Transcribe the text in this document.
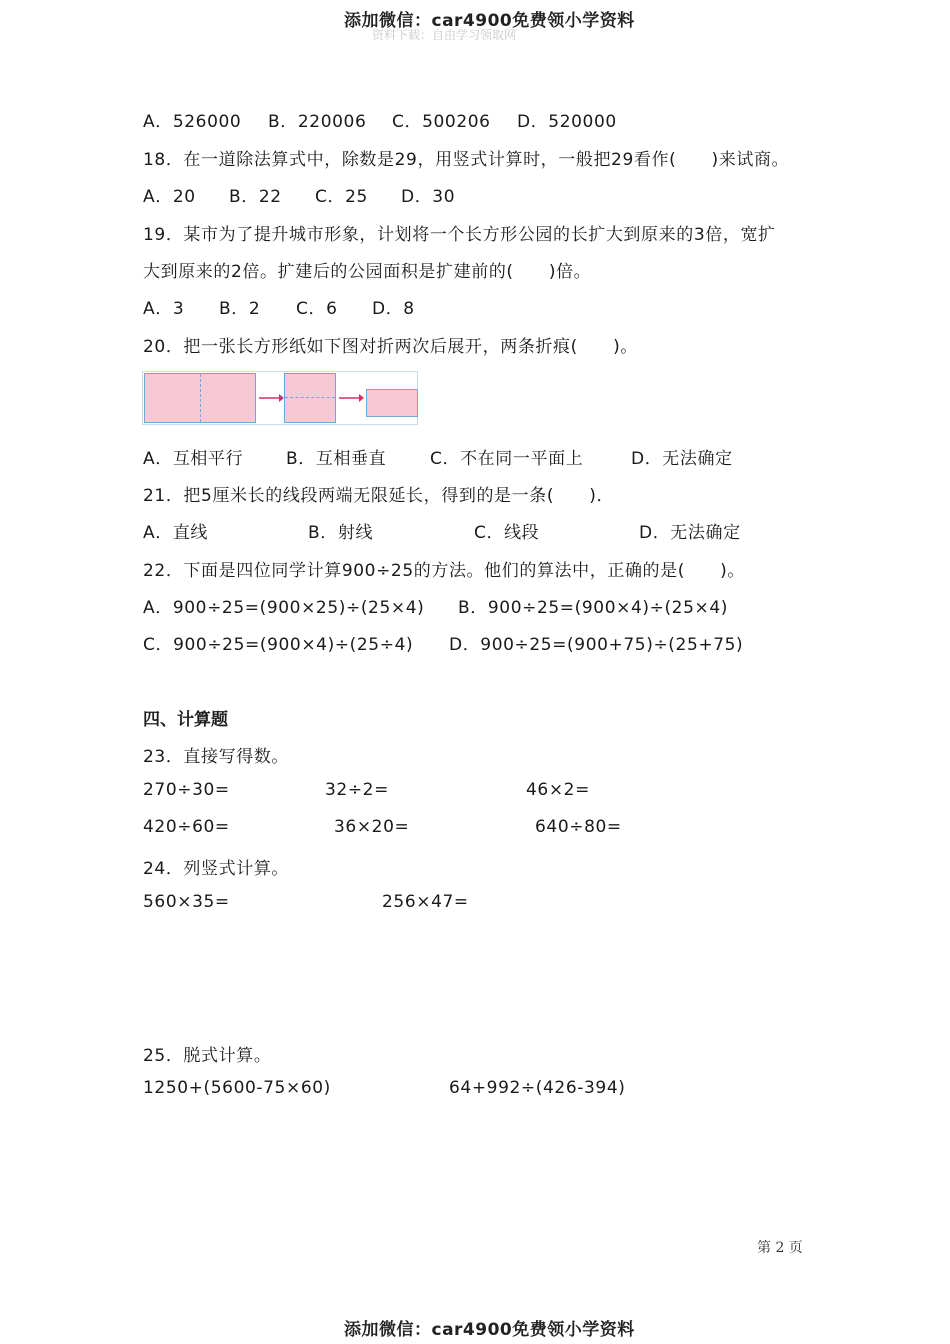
资料下载：自由学习领取网
添加微信：car4900免费领小学资料
A．526000 B．220006 C．500206 D．520000
18．在一道除法算式中，除数是29，用竖式计算时，一般把29看作(　　)来试商。
A．20 B．22 C．25 D．30
19．某市为了提升城市形象，计划将一个长方形公园的长扩大到原来的3倍，宽扩
大到原来的2倍。扩建后的公园面积是扩建前的(　　)倍。
A．3 B．2 C．6 D．8
20．把一张长方形纸如下图对折两次后展开，两条折痕(　　)。
A．互相平行	B．互相垂直	C．不在同一平面上	D．无法确定
21．把5厘米长的线段两端无限延长，得到的是一条(　　)．
A．直线	B．射线	C．线段	D．无法确定
22．下面是四位同学计算900÷25的方法。他们的算法中，正确的是(　　)。
A．900÷25=(900×25)÷(25×4) B．900÷25=(900×4)÷(25×4)
C．900÷25=(900×4)÷(25÷4) D．900÷25=(900+75)÷(25+75)
四、计算题
23．直接写得数。
270÷30=	32÷2=	46×2=
420÷60=	36×20=	640÷80=
24．列竖式计算。
560×35=	256×47=
25．脱式计算。
1250+(5600-75×60)	64+992÷(426-394)
第 2 页
添加微信：car4900免费领小学资料
